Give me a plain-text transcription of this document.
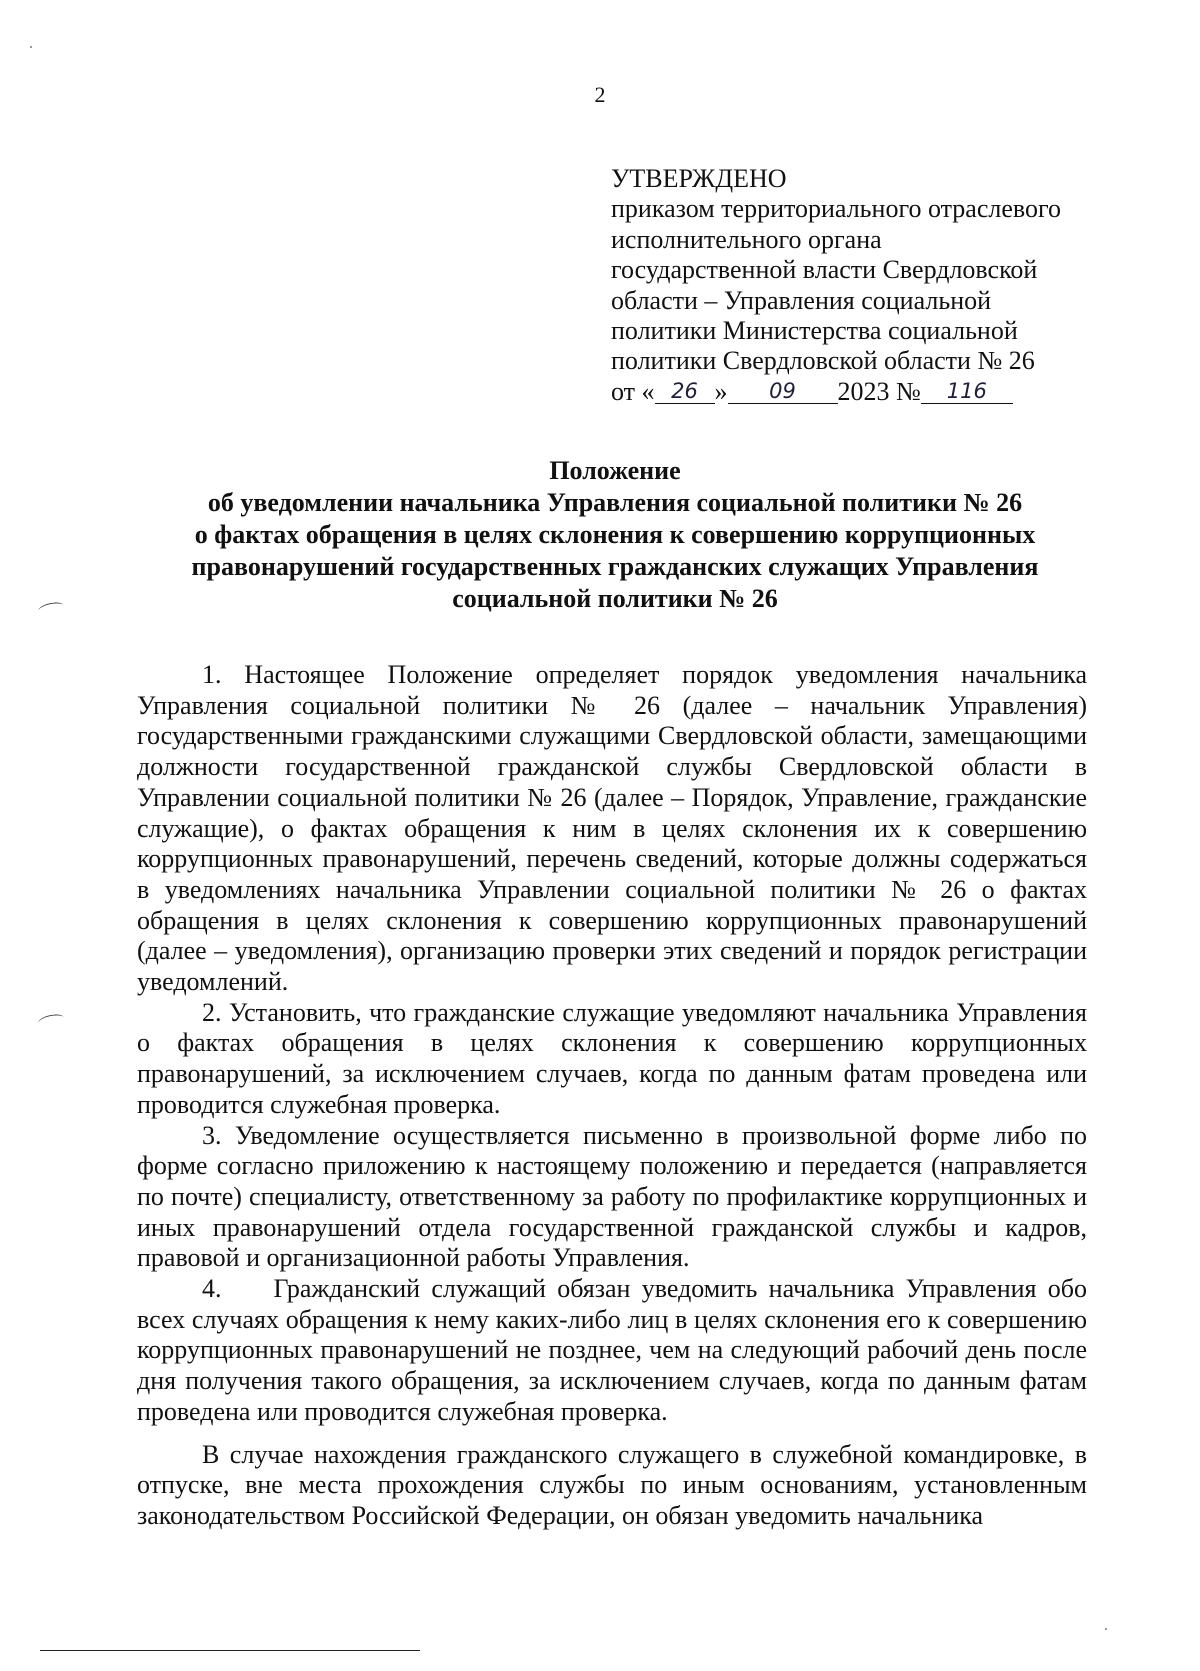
2
УТВЕРЖДЕНО
приказом территориального отраслевого
исполнительного органа
государственной власти Свердловской
области – Управления социальной
политики Министерства социальной
политики Свердловской области № 26
от « 26 » 09 2023 № 116
Положение
об уведомлении начальника Управления социальной политики № 26
о фактах обращения в целях склонения к совершению коррупционных
правонарушений государственных гражданских служащих Управления
социальной политики № 26

1. Настоящее Положение определяет порядок уведомления начальника Управления социальной политики № 26 (далее – начальник Управления) государственными гражданскими служащими Свердловской области, замещающими должности государственной гражданской службы Свердловской области в Управлении социальной политики № 26 (далее – Порядок, Управление, гражданские служащие), о фактах обращения к ним в целях склонения их к совершению коррупционных правонарушений, перечень сведений, которые должны содержаться в уведомлениях начальника Управлении социальной политики № 26 о фактах обращения в целях склонения к совершению коррупционных правонарушений (далее – уведомления), организацию проверки этих сведений и порядок регистрации уведомлений.

2. Установить, что гражданские служащие уведомляют начальника Управления о фактах обращения в целях склонения к совершению коррупционных правонарушений, за исключением случаев, когда по данным фатам проведена или проводится служебная проверка.

3. Уведомление осуществляется письменно в произвольной форме либо по форме согласно приложению к настоящему положению и передается (направляется по почте) специалисту, ответственному за работу по профилактике коррупционных и иных правонарушений отдела государственной гражданской службы и кадров, правовой и организационной работы Управления.

4.  Гражданский служащий обязан уведомить начальника Управления обо всех случаях обращения к нему каких-либо лиц в целях склонения его к совершению коррупционных правонарушений не позднее, чем на следующий рабочий день после дня получения такого обращения, за исключением случаев, когда по данным фатам проведена или проводится служебная проверка.

В случае нахождения гражданского служащего в служебной командировке, в отпуске, вне места прохождения службы по иным основаниям, установленным законодательством Российской Федерации, он обязан уведомить начальника
